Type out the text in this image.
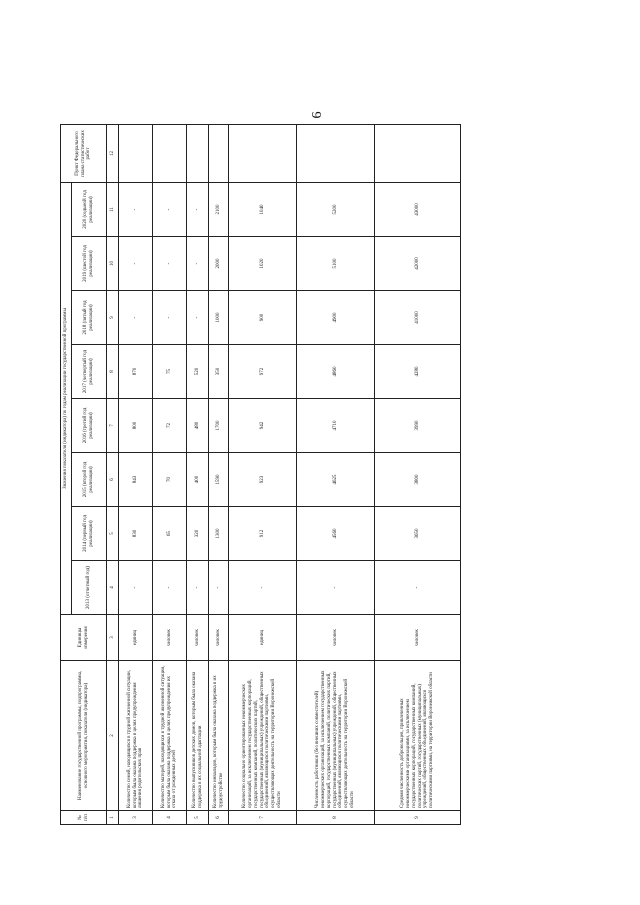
6
№ п/п	Наименование государственной программы, подпрограммы, основного мероприятия, показателя (индикатора)	Единицы измерения	Значения показателя (индикатора) по годам реализации государственной программы								Пункт Федерального плана статистических работ
			2013 (отчетный год)	2014 (первый год реализации)	2015 (второй год реализации)	2016 (третий год реализации)	2017 (четвертый год реализации)	2018 (пятый год реализации)	2019 (шестой год реализации)	2020 (седьмой год реализации)	
1	2	3	4	5	6	7	8	9	10	11	12
3	Количество семей, находящихся в трудной жизненной ситуации, которым была оказана поддержка в целях предупреждения лишения родительских прав	единиц	-	830	843	800	870	-	-	-	
4	Количество матерей, находящихся в трудной жизненной ситуации, которым была оказана поддержка в целях предупреждения их отказа от рожденных детей	человек	-	65	70	72	75	-	-	-	
5	Количество выпускников детских домов, которым была оказана поддержка в их социальной адаптации	человек	-	320	400	480	520	-	-	-	
6	Количество инвалидов, которым была оказана поддержка в их трудоустройстве	человек	-	1300	1590	1700	350	1000	2000	2100	
7	Количество социально ориентированных некоммерческих организаций, за исключением государственных корпораций, государственных компаний, политических партий, государственных (муниципальных) учреждений, общественных объединений, являющихся политическими партиями, осуществляющих деятельность на территории Воронежской области	единиц	-	912	923	942	972	900	1020	1040	
8	Численность работников (без внешних совместителей) некоммерческих организаций, за исключением государственных корпораций, государственных компаний, политических партий, государственных (муниципальных) учреждений, общественных объединений, являющихся политическими партиями, осуществляющих деятельность на территории Воронежской области	человек	-	4560	4625	4710	4860	4900	5100	5200	
9	Средняя численность добровольцев, привлеченных некоммерческими организациями, за исключением государственных корпораций, государственных компаний, политических партий, государственных (муниципальных) учреждений, общественных объединений, являющихся политическими партиями, на территории Воронежской области	человек	-	3650	3800	3990	4280	41000	42000	43000	
